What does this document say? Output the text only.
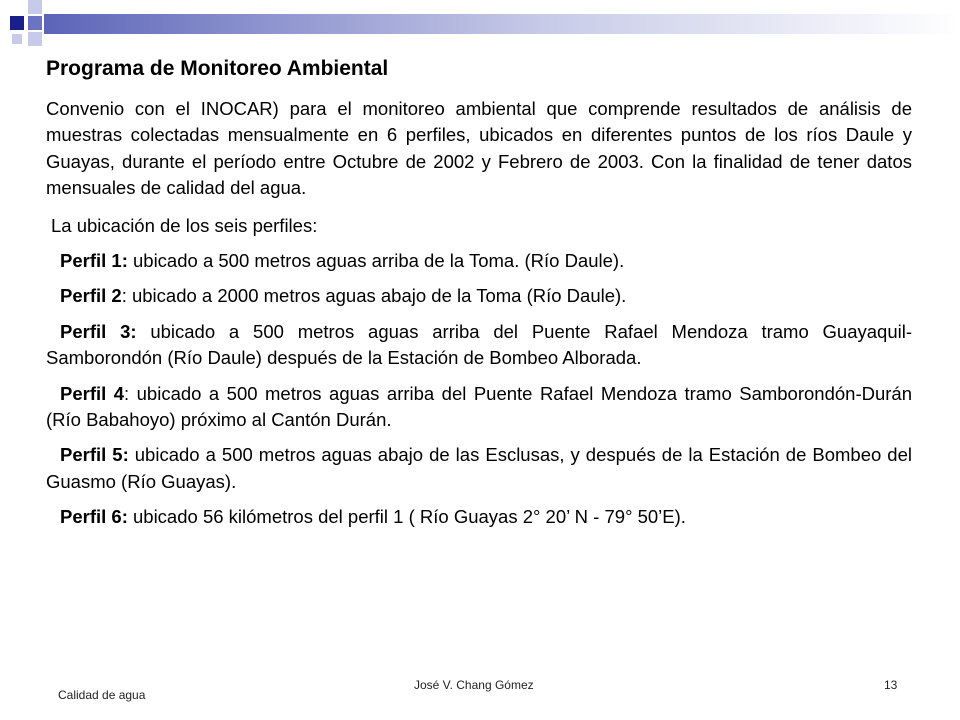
Programa de Monitoreo Ambiental

Convenio con el INOCAR) para el monitoreo ambiental que comprende resultados de análisis de muestras colectadas mensualmente en 6 perfiles, ubicados en diferentes puntos de los ríos Daule y Guayas, durante el período entre Octubre de 2002 y Febrero de 2003. Con la finalidad de tener datos mensuales de calidad del agua.

La ubicación de los seis perfiles:

Perfil 1: ubicado a 500 metros aguas arriba de la Toma. (Río Daule).

Perfil 2: ubicado a 2000 metros aguas abajo de la Toma (Río Daule).

Perfil 3: ubicado a 500 metros aguas arriba del Puente Rafael Mendoza tramo Guayaquil-Samborondón (Río Daule) después de la Estación de Bombeo Alborada.

Perfil 4: ubicado a 500 metros aguas arriba del Puente Rafael Mendoza tramo Samborondón-Durán (Río Babahoyo) próximo al Cantón Durán.

Perfil 5: ubicado a 500 metros aguas abajo de las Esclusas, y después de la Estación de Bombeo del Guasmo (Río Guayas).

Perfil 6: ubicado 56 kilómetros del perfil 1 ( Río Guayas 2° 20’ N - 79° 50’E).

Calidad de agua
José V. Chang Gómez	13
